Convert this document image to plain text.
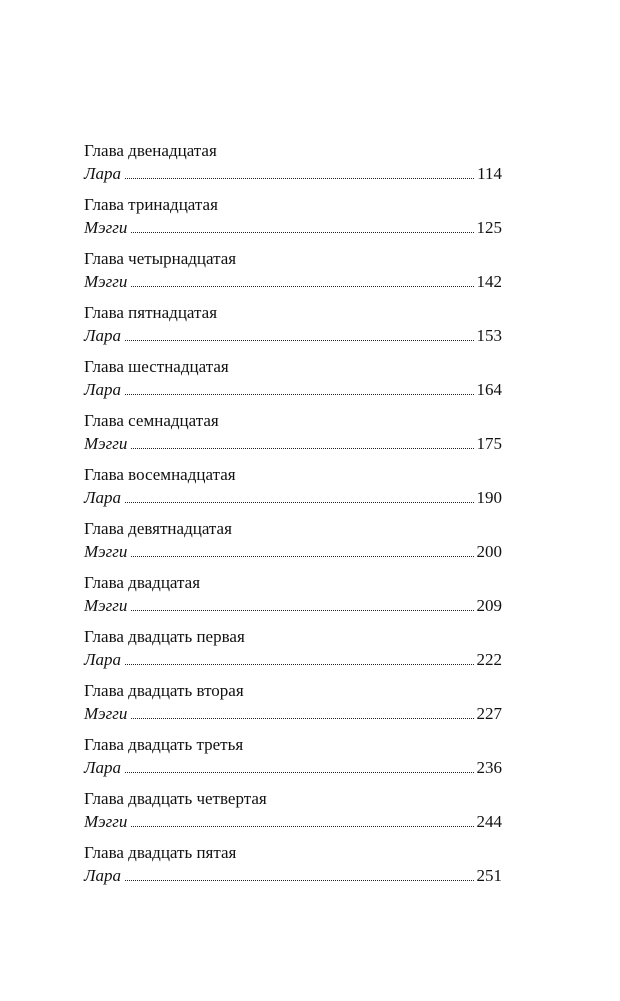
Глава двенадцатая
Лара	114
Глава тринадцатая
Мэгги	125
Глава четырнадцатая
Мэгги	142
Глава пятнадцатая
Лара	153
Глава шестнадцатая
Лара	164
Глава семнадцатая
Мэгги	175
Глава восемнадцатая
Лара	190
Глава девятнадцатая
Мэгги	200
Глава двадцатая
Мэгги	209
Глава двадцать первая
Лара	222
Глава двадцать вторая
Мэгги	227
Глава двадцать третья
Лара	236
Глава двадцать четвертая
Мэгги	244
Глава двадцать пятая
Лара	251
